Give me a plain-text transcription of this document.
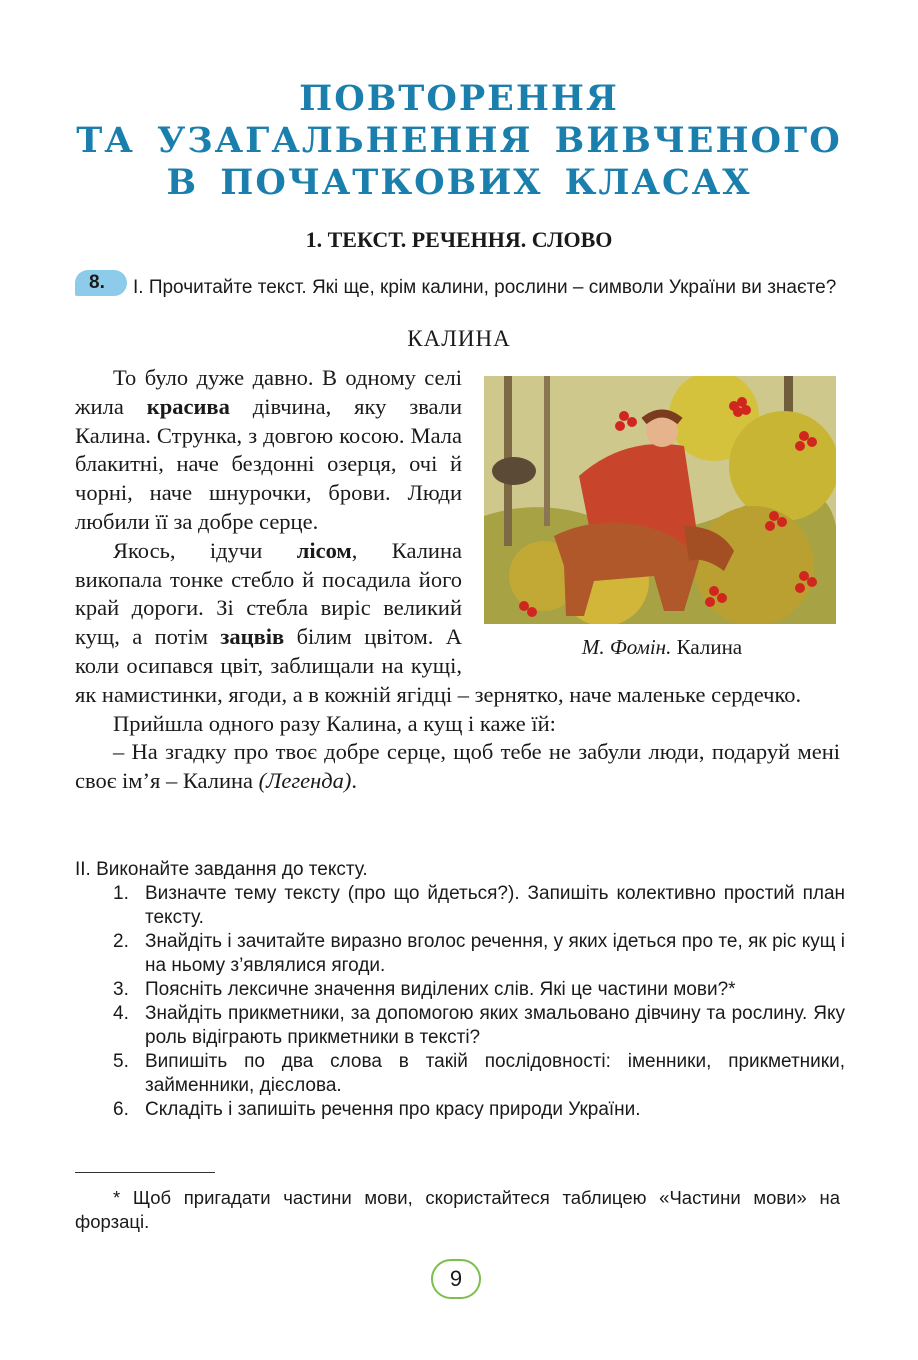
ПОВТОРЕННЯ
ТА УЗАГАЛЬНЕННЯ ВИВЧЕНОГО
В ПОЧАТКОВИХ КЛАСАХ
1. ТЕКСТ. РЕЧЕННЯ. СЛОВО
8. І. Прочитайте текст. Які ще, крім калини, рослини – символи України ви знаєте?
КАЛИНА
М. Фомін. Калина

То було дуже давно. В одному селі жила красива дівчина, яку звали Калина. Струнка, з довгою косою. Мала блакитні, наче бездонні озерця, очі й чорні, наче шнурочки, брови. Люди любили її за добре серце.

Якось, ідучи лісом, Калина викопала тонке стебло й посадила його край дороги. Зі стебла виріс великий кущ, а потім зацвів білим цвітом. А коли осипався цвіт, заблищали на кущі, як намистинки, ягоди, а в кожній ягідці – зернятко, наче маленьке сердечко.

Прийшла одного разу Калина, а кущ і каже їй:

– На згадку про твоє добре серце, щоб тебе не забули люди, подаруй мені своє ім’я – Калина (Легенда).

ІІ. Виконайте завдання до тексту.
1. Визначте тему тексту (про що йдеться?). Запишіть колективно простий план тексту.
2. Знайдіть і зачитайте виразно вголос речення, у яких ідеться про те, як ріс кущ і на ньому з’являлися ягоди.
3. Поясніть лексичне значення виділених слів. Які це частини мови?*
4. Знайдіть прикметники, за допомогою яких змальовано дівчину та рослину. Яку роль відіграють прикметники в тексті?
5. Випишіть по два слова в такій послідовності: іменники, прикметники, займенники, дієслова.
6. Складіть і запишіть речення про красу природи України.
* Щоб пригадати частини мови, скористайтеся таблицею «Частини мови» на форзаці.
9
